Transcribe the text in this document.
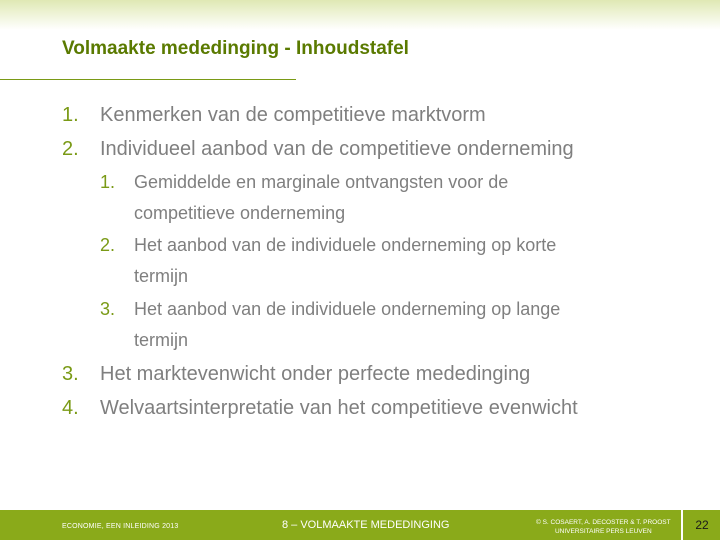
Volmaakte mededinging - Inhoudstafel
1. Kenmerken van de competitieve marktvorm
2. Individueel aanbod van de competitieve onderneming
1. Gemiddelde en marginale ontvangsten voor de
competitieve onderneming
2. Het aanbod van de individuele onderneming op korte
termijn
3. Het aanbod van de individuele onderneming op lange
termijn
3. Het marktevenwicht onder perfecte mededinging
4. Welvaartsinterpretatie van het competitieve evenwicht
ECONOMIE, EEN INLEIDING 2013	8 – VOLMAAKTE MEDEDINGING	© S. COSAERT, A. DECOSTER & T. PROOST
UNIVERSITAIRE PERS LEUVEN	22
